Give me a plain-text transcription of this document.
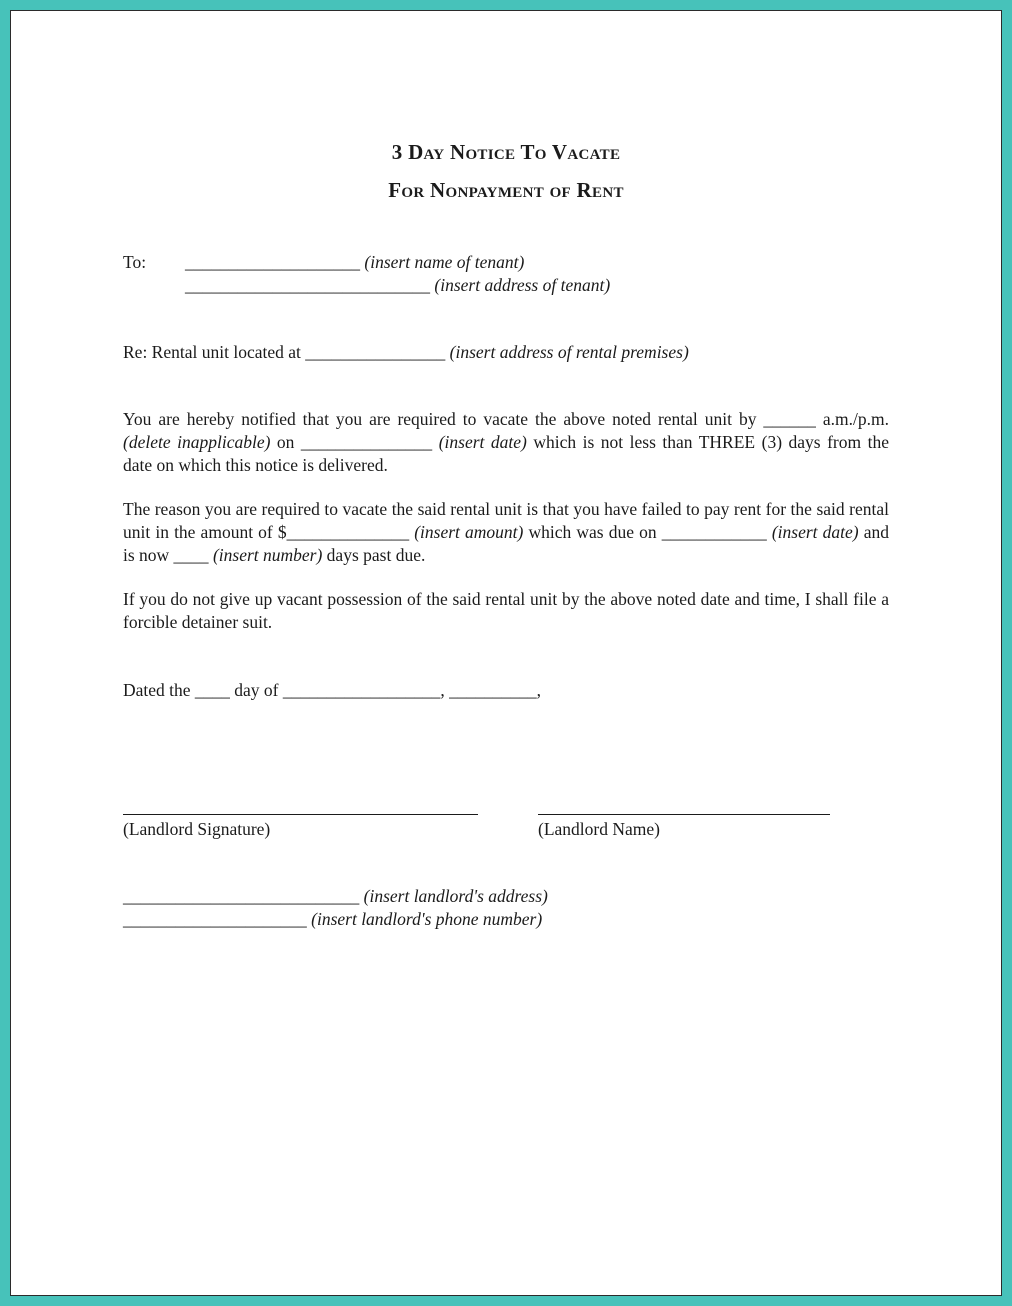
3 Day Notice To Vacate
For Nonpayment of Rent
To:	____________________ (insert name of tenant)
____________________________ (insert address of tenant)
Re: Rental unit located at ________________ (insert address of rental premises)
You are hereby notified that you are required to vacate the above noted rental unit by ______ a.m./p.m. (delete inapplicable) on _______________ (insert date) which is not less than THREE (3) days from the date on which this notice is delivered.
The reason you are required to vacate the said rental unit is that you have failed to pay rent for the said rental unit in the amount of $______________ (insert amount) which was due on ____________ (insert date) and is now ____ (insert number) days past due.
If you do not give up vacant possession of the said rental unit by the above noted date and time, I shall file a forcible detainer suit.
Dated the ____ day of __________________, __________,
(Landlord Signature)	(Landlord Name)
___________________________ (insert landlord's address)
_____________________ (insert landlord's phone number)
